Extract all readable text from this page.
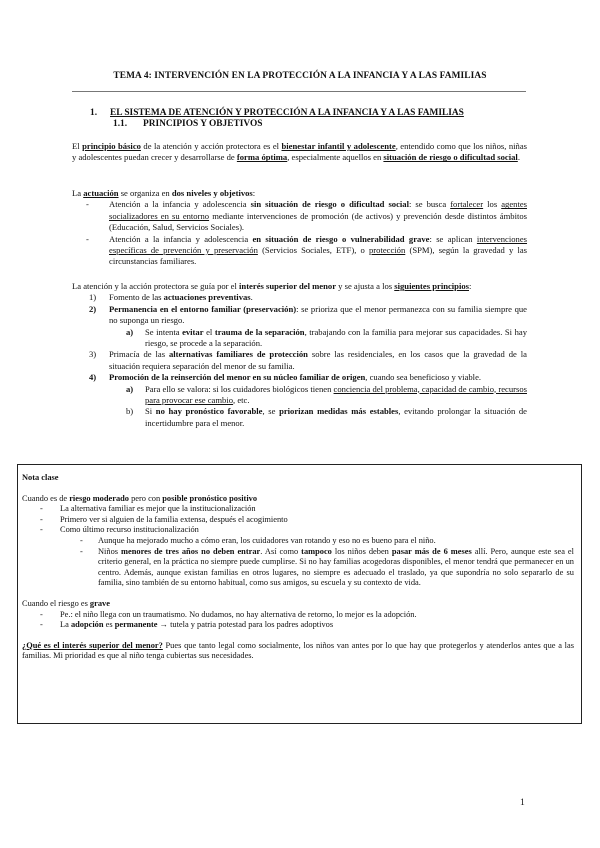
TEMA 4: INTERVENCIÓN EN LA PROTECCIÓN A LA INFANCIA Y A LAS FAMILIAS
1. EL SISTEMA DE ATENCIÓN Y PROTECCIÓN A LA INFANCIA Y A LAS FAMILIAS
1.1. PRINCIPIOS Y OBJETIVOS

El principio básico de la atención y acción protectora es el bienestar infantil y adolescente, entendido como que los niños, niñas y adolescentes puedan crecer y desarrollarse de forma óptima, especialmente aquellos en situación de riesgo o dificultad social.

La actuación se organiza en dos niveles y objetivos:

- Atención a la infancia y adolescencia sin situación de riesgo o dificultad social: se busca fortalecer los agentes socializadores en su entorno mediante intervenciones de promoción (de activos) y prevención desde distintos ámbitos (Educación, Salud, Servicios Sociales).
- Atención a la infancia y adolescencia en situación de riesgo o vulnerabilidad grave: se aplican intervenciones específicas de prevención y preservación (Servicios Sociales, ETF), o protección (SPM), según la gravedad y las circunstancias familiares.

La atención y la acción protectora se guía por el interés superior del menor y se ajusta a los siguientes principios:

1) Fomento de las actuaciones preventivas.
2) Permanencia en el entorno familiar (preservación): se prioriza que el menor permanezca con su familia siempre que no suponga un riesgo.
a) Se intenta evitar el trauma de la separación, trabajando con la familia para mejorar sus capacidades. Si hay riesgo, se procede a la separación.
3) Primacía de las alternativas familiares de protección sobre las residenciales, en los casos que la gravedad de la situación requiera separación del menor de su familia.
4) Promoción de la reinserción del menor en su núcleo familiar de origen, cuando sea beneficioso y viable.
a) Para ello se valora: si los cuidadores biológicos tienen conciencia del problema, capacidad de cambio, recursos para provocar ese cambio, etc.
b) Si no hay pronóstico favorable, se priorizan medidas más estables, evitando prolongar la situación de incertidumbre para el menor.

Nota clase

Cuando es de riesgo moderado pero con posible pronóstico positivo

- La alternativa familiar es mejor que la institucionalización
- Primero ver si alguien de la familia extensa, después el acogimiento
- Como último recurso institucionalización
- Aunque ha mejorado mucho a cómo eran, los cuidadores van rotando y eso no es bueno para el niño.
- Niños menores de tres años no deben entrar. Así como tampoco los niños deben pasar más de 6 meses allí. Pero, aunque este sea el criterio general, en la práctica no siempre puede cumplirse. Si no hay familias acogedoras disponibles, el menor tendrá que permanecer en un centro. Además, aunque existan familias en otros lugares, no siempre es adecuado el traslado, ya que supondría no solo separarlo de su familia, sino también de su entorno habitual, como sus amigos, su escuela y su contexto de vida.

Cuando el riesgo es grave

- Pe.: el niño llega con un traumatismo. No dudamos, no hay alternativa de retorno, lo mejor es la adopción.
- La adopción es permanente → tutela y patria potestad para los padres adoptivos

¿Qué es el interés superior del menor? Pues que tanto legal como socialmente, los niños van antes por lo que hay que protegerlos y atenderlos antes que a las familias. Mi prioridad es que al niño tenga cubiertas sus necesidades.

1
